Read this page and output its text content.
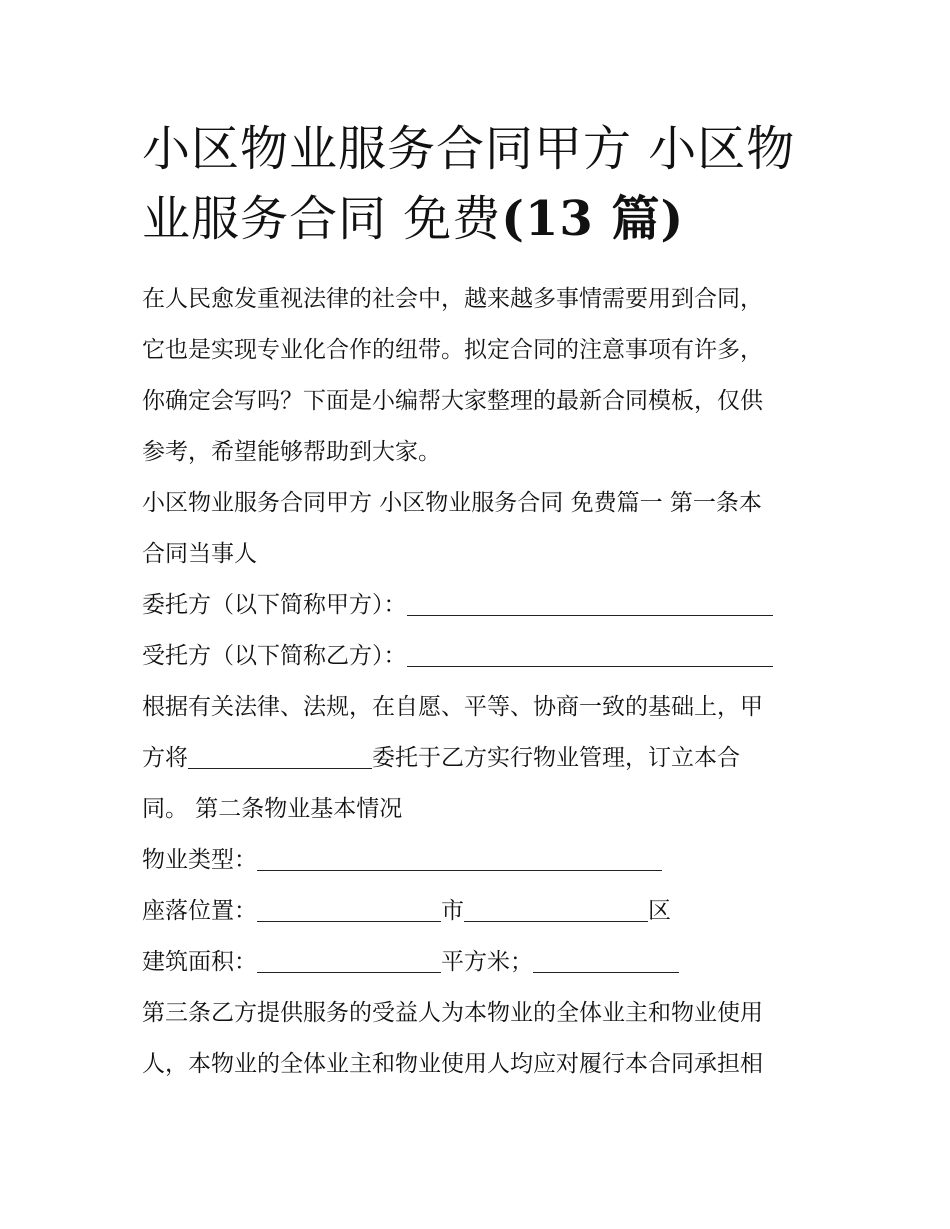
小区物业服务合同甲方 小区物
业服务合同 免费(13 篇)

在人民愈发重视法律的社会中，越来越多事情需要用到合同，
它也是实现专业化合作的纽带。拟定合同的注意事项有许多，
你确定会写吗？下面是小编帮大家整理的最新合同模板，仅供
参考，希望能够帮助到大家。

小区物业服务合同甲方 小区物业服务合同 免费篇一 第一条本
合同当事人

委托方（以下简称甲方）：

受托方（以下简称乙方）：

根据有关法律、法规，在自愿、平等、协商一致的基础上，甲
方将	委托于乙方实行物业管理，订立本合
同。 第二条物业基本情况

物业类型：

座落位置：	市	区

建筑面积：	平方米；

第三条乙方提供服务的受益人为本物业的全体业主和物业使用
人，本物业的全体业主和物业使用人均应对履行本合同承担相
